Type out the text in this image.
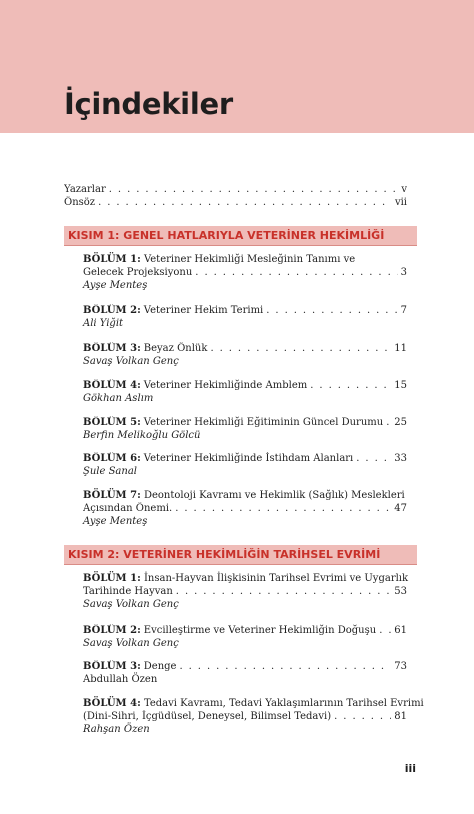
İçindekiler
Yazarlar . . .	v
Önsöz . . .	vii
KISIM 1: GENEL HATLARIYLA VETERİNER HEKİMLİĞİ
BÖLÜM 1: Veteriner Hekimliği Mesleğinin Tanımı ve
Gelecek Projeksiyonu . . .	3
Ayşe Menteş
BÖLÜM 2: Veteriner Hekim Terimi . . .	7
Ali Yiğit
BÖLÜM 3: Beyaz Önlük . . .	11
Savaş Volkan Genç
BÖLÜM 4: Veteriner Hekimliğinde Amblem . . .	15
Gökhan Aslım
BÖLÜM 5: Veteriner Hekimliği Eğitiminin Güncel Durumu . . . 25
Berfin Melikoğlu Gölcü
BÖLÜM 6: Veteriner Hekimliğinde İstihdam Alanları . . .	33
Şule Sanal
BÖLÜM 7: Deontoloji Kavramı ve Hekimlik (Sağlık) Meslekleri
Açısından Önemi. . . .	47
Ayşe Menteş
KISIM 2: VETERİNER HEKİMLİĞİN TARİHSEL EVRİMİ
BÖLÜM 1: İnsan-Hayvan İlişkisinin Tarihsel Evrimi ve Uygarlık
Tarihinde Hayvan . . .	53
Savaş Volkan Genç
BÖLÜM 2: Evcilleştirme ve Veteriner Hekimliğin Doğuşu . . . 61
Savaş Volkan Genç
BÖLÜM 3: Denge . . .	73
Abdullah Özen
BÖLÜM 4: Tedavi Kavramı, Tedavi Yaklaşımlarının Tarihsel Evrimi
(Dini-Sihri, İçgüdüsel, Deneysel, Bilimsel Tedavi) . . .	81
Rahşan Özen
iii
